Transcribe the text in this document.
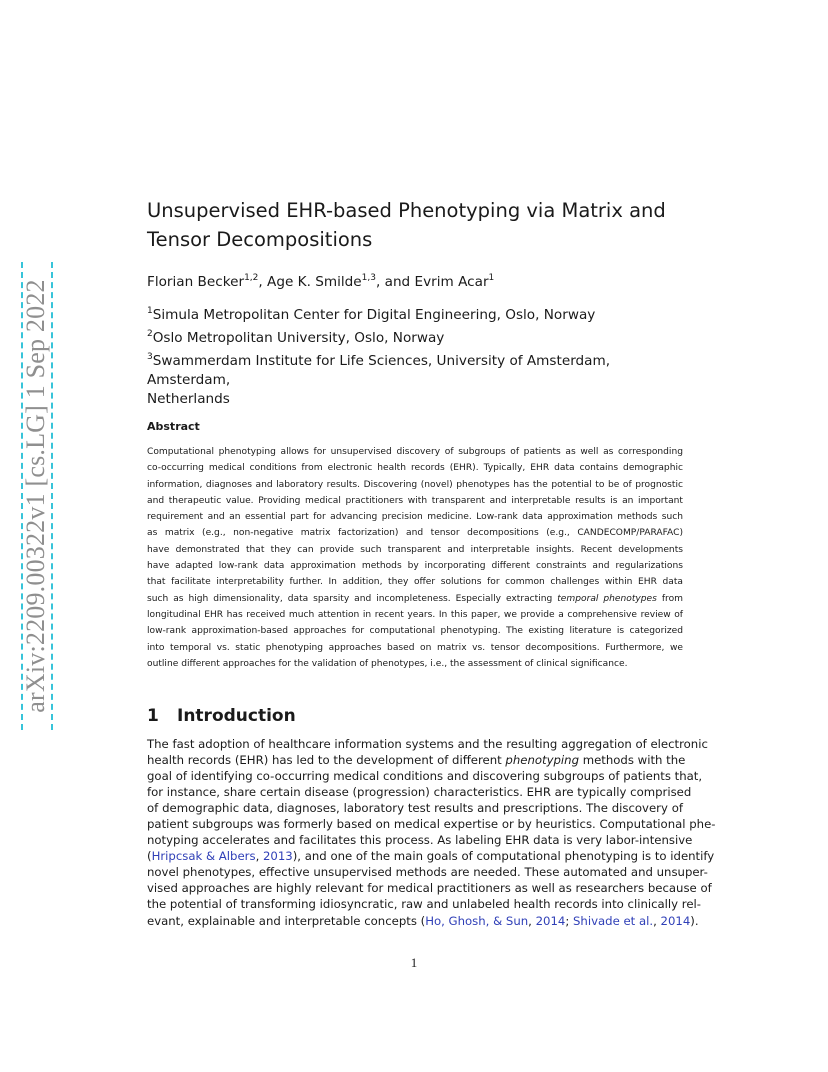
arXiv:2209.00322v1 [cs.LG] 1 Sep 2022
Unsupervised EHR-based Phenotyping via Matrix and Tensor Decompositions
Florian Becker$^{1,2}$, Age K. Smilde$^{1,3}$, and Evrim Acar$^1$
$^1$Simula Metropolitan Center for Digital Engineering, Oslo, Norway
$^2$Oslo Metropolitan University, Oslo, Norway
$^3$Swammerdam Institute for Life Sciences, University of Amsterdam, Amsterdam,
Netherlands
Abstract
Computational phenotyping allows for unsupervised discovery of subgroups of patients as well as corresponding
co-occurring medical conditions from electronic health records (EHR). Typically, EHR data contains demographic
information, diagnoses and laboratory results. Discovering (novel) phenotypes has the potential to be of prognostic
and therapeutic value. Providing medical practitioners with transparent and interpretable results is an important
requirement and an essential part for advancing precision medicine. Low-rank data approximation methods such
as matrix (e.g., non-negative matrix factorization) and tensor decompositions (e.g., CANDECOMP/PARAFAC)
have demonstrated that they can provide such transparent and interpretable insights. Recent developments
have adapted low-rank data approximation methods by incorporating different constraints and regularizations
that facilitate interpretability further. In addition, they offer solutions for common challenges within EHR data
such as high dimensionality, data sparsity and incompleteness. Especially extracting temporal phenotypes from
longitudinal EHR has received much attention in recent years. In this paper, we provide a comprehensive review of
low-rank approximation-based approaches for computational phenotyping. The existing literature is categorized
into temporal vs. static phenotyping approaches based on matrix vs. tensor decompositions. Furthermore, we
outline different approaches for the validation of phenotypes, i.e., the assessment of clinical significance.
1 Introduction
The fast adoption of healthcare information systems and the resulting aggregation of electronic
health records (EHR) has led to the development of different phenotyping methods with the
goal of identifying co-occurring medical conditions and discovering subgroups of patients that,
for instance, share certain disease (progression) characteristics. EHR are typically comprised
of demographic data, diagnoses, laboratory test results and prescriptions. The discovery of
patient subgroups was formerly based on medical expertise or by heuristics. Computational phe-
notyping accelerates and facilitates this process. As labeling EHR data is very labor-intensive
(Hripcsak & Albers, 2013), and one of the main goals of computational phenotyping is to identify
novel phenotypes, effective unsupervised methods are needed. These automated and unsuper-
vised approaches are highly relevant for medical practitioners as well as researchers because of
the potential of transforming idiosyncratic, raw and unlabeled health records into clinically rel-
evant, explainable and interpretable concepts (Ho, Ghosh, & Sun, 2014; Shivade et al., 2014).
1
